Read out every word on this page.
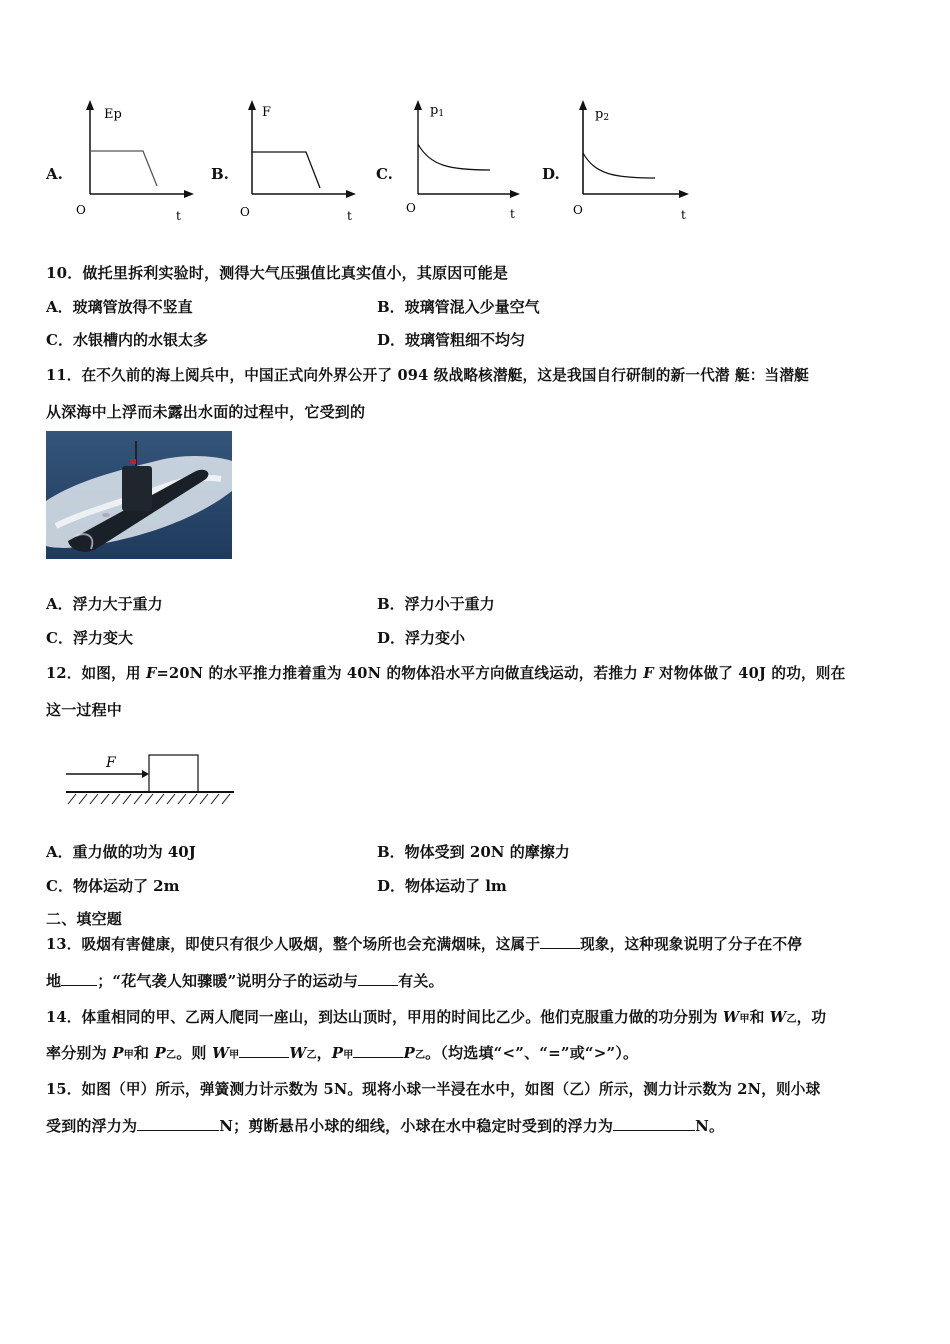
A.
Ep
O	t
B.
F
O	t
C.
p1
O	t
D.
p2
O	t
10．做托里拆利实验时，测得大气压强值比真实值小，其原因可能是
A．玻璃管放得不竖直	B．玻璃管混入少量空气
C．水银槽内的水银太多	D．玻璃管粗细不均匀
11．在不久前的海上阅兵中，中国正式向外界公开了 094 级战略核潜艇，这是我国自行研制的新一代潜 艇：当潜艇
从深海中上浮而未露出水面的过程中，它受到的
A．浮力大于重力	B．浮力小于重力
C．浮力变大	D．浮力变小
12．如图，用 F=20N 的水平推力推着重为 40N 的物体沿水平方向做直线运动，若推力 F 对物体做了 40J 的功，则在
这一过程中
F
A．重力做的功为 40J	B．物体受到 20N 的摩擦力
C．物体运动了 2m	D．物体运动了 lm
二、填空题
13．吸烟有害健康，即使只有很少人吸烟，整个场所也会充满烟味，这属于	现象，这种现象说明了分子在不停
地 ；“花气袭人知骤暖”说明分子的运动与	有关。
14．体重相同的甲、乙两人爬同一座山，到达山顶时，甲用的时间比乙少。他们克服重力做的功分别为 W甲和 W乙，功
率分别为 P甲和 P乙。则 W甲	W乙，P甲	P乙。（均选填“<”、“=”或“>”）。
15．如图（甲）所示，弹簧测力计示数为 5N。现将小球一半浸在水中，如图（乙）所示，测力计示数为 2N，则小球
受到的浮力为	N；剪断悬吊小球的细线，小球在水中稳定时受到的浮力为	N。
